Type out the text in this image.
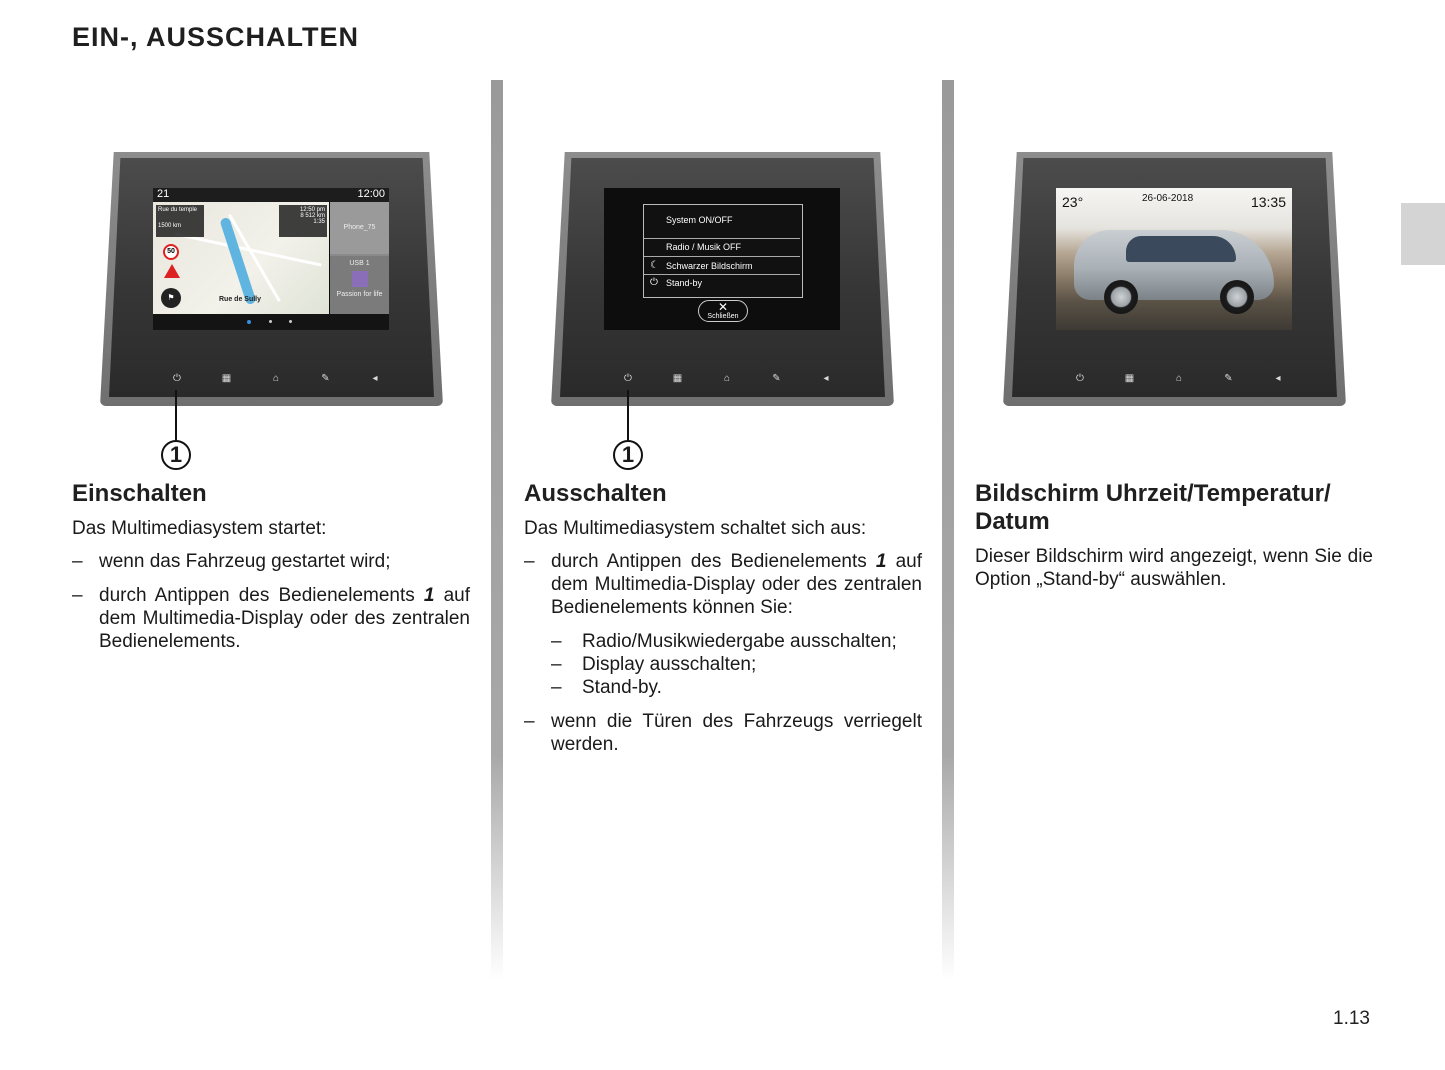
EIN-, AUSSCHALTEN
Rue du temple
1500 km
12:50 pm
8 512 km
1:35
50
⚑	Rue de Sully
21	12:00
Phone_75
USB 1
Passion for life
⏻	▦	⌂	✎	◂
1
System ON/OFF
Radio / Musik OFF
☾ Schwarzer Bildschirm
⏻ Stand-by
✕
Schließen
⏻	▦	⌂	✎	◂
1
23°	26-06-2018	13:35
⏻	▦	⌂	✎	◂
Einschalten

Das Multimediasystem startet:

– wenn das Fahrzeug gestartet wird;
– durch Antippen des Bedienelements 1 auf dem Multimedia-Display oder des zentralen Bedienelements.
Ausschalten

Das Multimediasystem schaltet sich aus:

– durch Antippen des Bedienelements 1 auf dem Multimedia-Display oder des zentralen Bedienelements können Sie:
– Radio/Musikwiedergabe ausschalten;
– Display ausschalten;
– Stand-by.
– wenn die Türen des Fahrzeugs verriegelt werden.
Bildschirm Uhrzeit/Temperatur/ Datum

Dieser Bildschirm wird angezeigt, wenn Sie die Option „Stand-by“ auswählen.

1.13
